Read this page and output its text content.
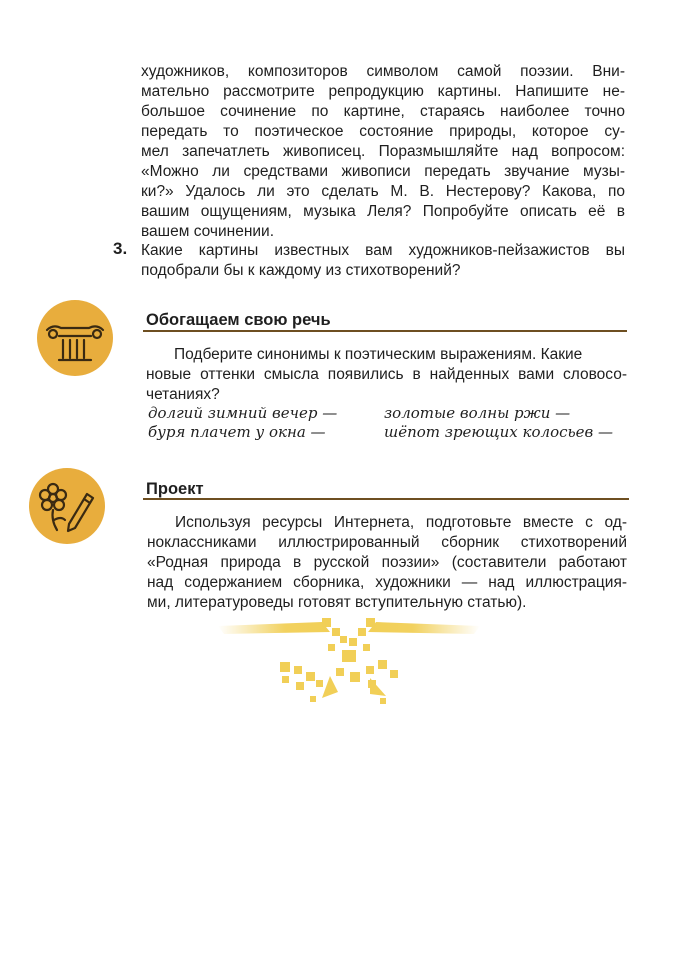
художников, композиторов символом самой поэзии. Вни-
мательно рассмотрите репродукцию картины. Напишите не-
большое сочинение по картине, стараясь наиболее точно
передать то поэтическое состояние природы, которое су-
мел запечатлеть живописец. Поразмышляйте над вопросом:
«Можно ли средствами живописи передать звучание музы-
ки?» Удалось ли это сделать М. В. Нестерову? Какова, по
вашим ощущениям, музыка Леля? Попробуйте описать её в
вашем сочинении.
3. Какие картины известных вам художников-пейзажистов вы
подобрали бы к каждому из стихотворений?
Обогащаем свою речь
Подберите синонимы к поэтическим выражениям. Какие
новые оттенки смысла появились в найденных вами словосо-
четаниях?
долгий зимний вечер —
буря плачет у окна —
золотые волны ржи —
шёпот зреющих колосьев —
Проект
Используя ресурсы Интернета, подготовьте вместе с од-
ноклассниками иллюстрированный сборник стихотворений
«Родная природа в русской поэзии» (составители работают
над содержанием сборника, художники — над иллюстрация-
ми, литературоведы готовят вступительную статью).
